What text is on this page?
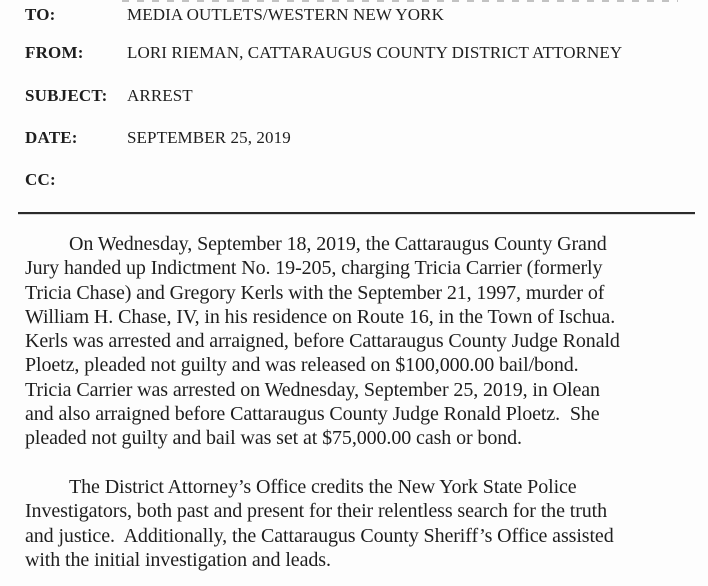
TO:	MEDIA OUTLETS/WESTERN NEW YORK
FROM:	LORI RIEMAN, CATTARAUGUS COUNTY DISTRICT ATTORNEY
SUBJECT:	ARREST
DATE:	SEPTEMBER 25, 2019
CC:
On Wednesday, September 18, 2019, the Cattaraugus County Grand
Jury handed up Indictment No. 19-205, charging Tricia Carrier (formerly
Tricia Chase) and Gregory Kerls with the September 21, 1997, murder of
William H. Chase, IV, in his residence on Route 16, in the Town of Ischua.
Kerls was arrested and arraigned, before Cattaraugus County Judge Ronald
Ploetz, pleaded not guilty and was released on $100,000.00 bail/bond.
Tricia Carrier was arrested on Wednesday, September 25, 2019, in Olean
and also arraigned before Cattaraugus County Judge Ronald Ploetz.  She
pleaded not guilty and bail was set at $75,000.00 cash or bond.
The District Attorney’s Office credits the New York State Police
Investigators, both past and present for their relentless search for the truth
and justice.  Additionally, the Cattaraugus County Sheriff’s Office assisted
with the initial investigation and leads.
